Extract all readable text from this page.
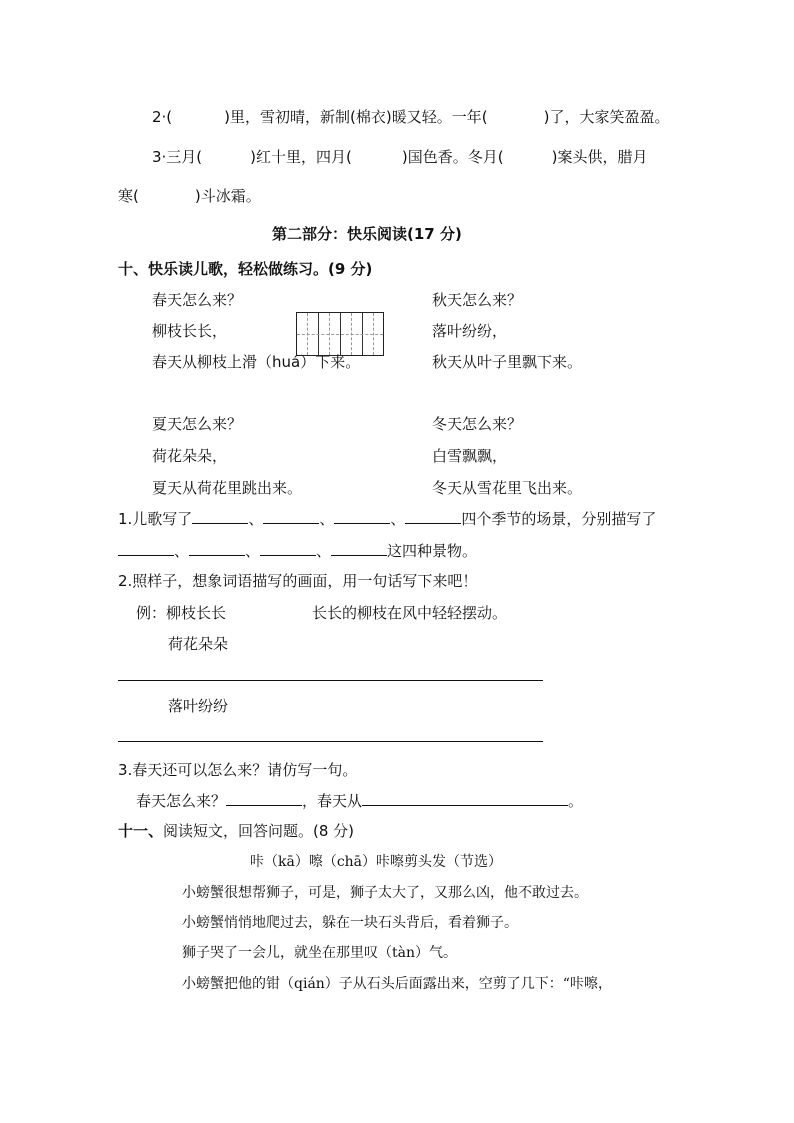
2·(	)里，雪初晴，新制(棉衣)暖又轻。一年(	)了，大家笑盈盈。
3·三月(	)红十里，四月(	)国色香。冬月(	)案头供，腊月
寒(	)斗冰霜。
第二部分：快乐阅读(17 分)
十、快乐读儿歌，轻松做练习。(9 分)
春天怎么来？
柳枝长长，
春天从柳枝上滑（huá）下来。
秋天怎么来？
落叶纷纷，
秋天从叶子里飘下来。
夏天怎么来？
荷花朵朵，
夏天从荷花里跳出来。
冬天怎么来？
白雪飘飘，
冬天从雪花里飞出来。
1.儿歌写了	、	、	、	四个季节的场景，分别描写了
、	、	、	这四种景物。
2.照样子，想象词语描写的画面，用一句话写下来吧！
例：柳枝长长	长长的柳枝在风中轻轻摆动。
荷花朵朵
落叶纷纷
3.春天还可以怎么来？请仿写一句。
春天怎么来？	，春天从	。
十一、阅读短文，回答问题。(8 分)
咔（kā）嚓（chā）咔嚓剪头发（节选）
小螃蟹很想帮狮子，可是，狮子太大了，又那么凶，他不敢过去。
小螃蟹悄悄地爬过去，躲在一块石头背后，看着狮子。
狮子哭了一会儿，就坐在那里叹（tàn）气。
小螃蟹把他的钳（qián）子从石头后面露出来，空剪了几下：“咔嚓，
